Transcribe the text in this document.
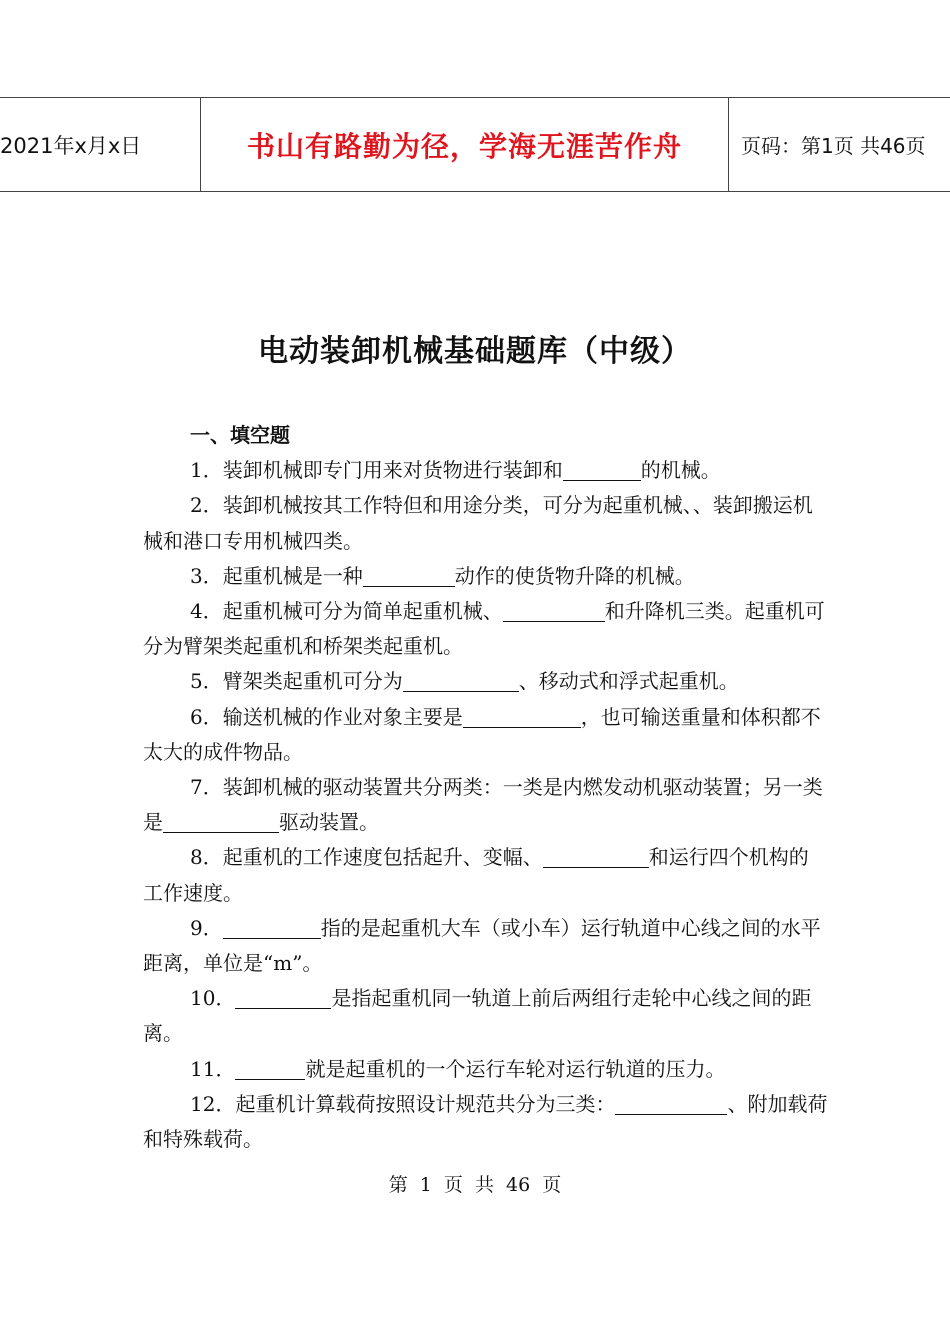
2021年x月x日	书山有路勤为径，学海无涯苦作舟	页码：第1页 共46页
电动装卸机械基础题库（中级）
一、填空题
1．装卸机械即专门用来对货物进行装卸和	的机械。
2．装卸机械按其工作特但和用途分类，可分为起重机械、、装卸搬运机械和港口专用机械四类。
3．起重机械是一种	动作的使货物升降的机械。
4．起重机械可分为简单起重机械、	和升降机三类。起重机可分为臂架类起重机和桥架类起重机。
5．臂架类起重机可分为	、移动式和浮式起重机。
6．输送机械的作业对象主要是	，也可输送重量和体积都不太大的成件物品。
7．装卸机械的驱动装置共分两类：一类是内燃发动机驱动装置；另一类是	驱动装置。
8．起重机的工作速度包括起升、变幅、	和运行四个机构的工作速度。
9．	指的是起重机大车（或小车）运行轨道中心线之间的水平距离，单位是“m”。
10．	是指起重机同一轨道上前后两组行走轮中心线之间的距离。
11．	就是起重机的一个运行车轮对运行轨道的压力。
12．起重机计算载荷按照设计规范共分为三类：	、附加载荷和特殊载荷。
第 1 页 共 46 页
